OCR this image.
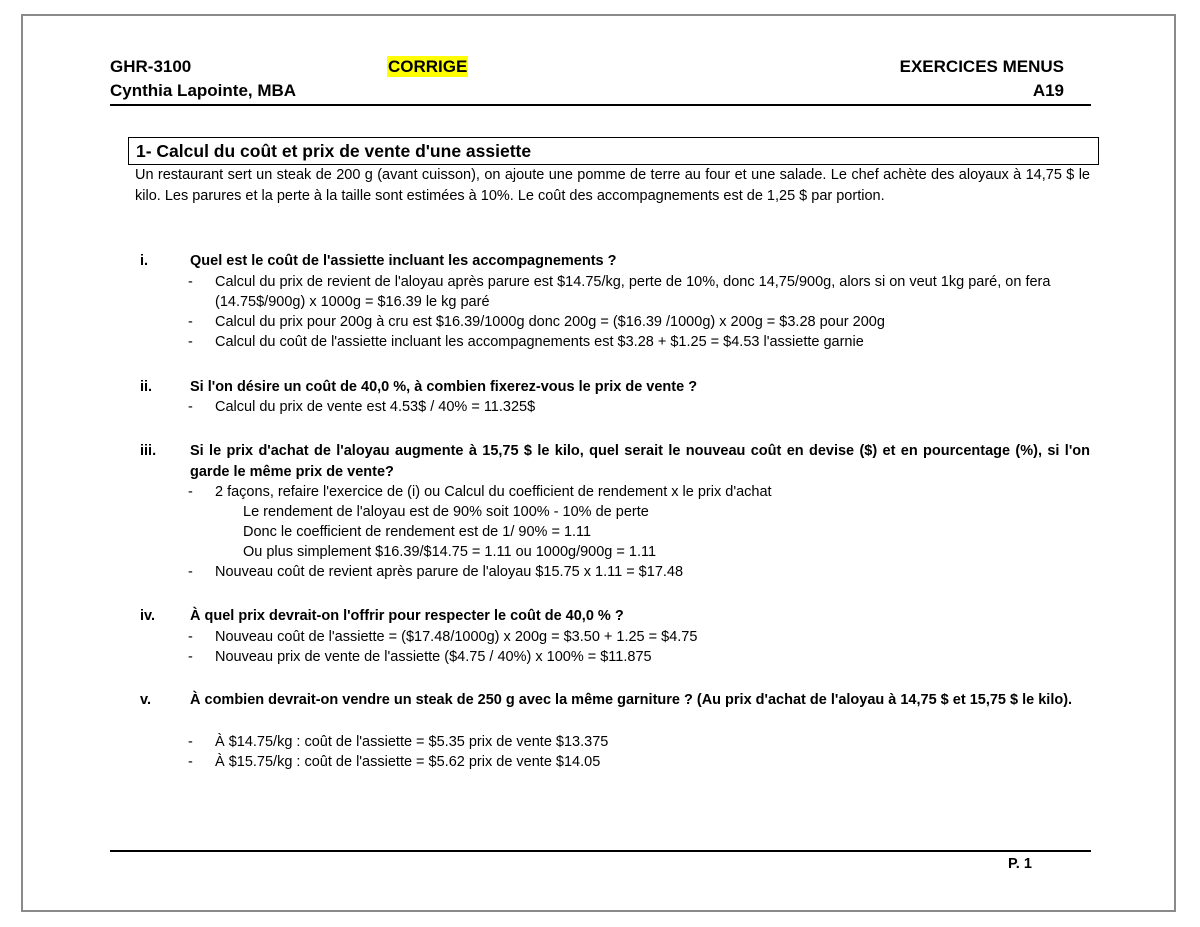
GHR-3100
Cynthia Lapointe, MBA
CORRIGE	EXERCICES MENUS
A19
1- Calcul du coût et prix de vente d'une assiette
Un restaurant sert un steak de 200 g (avant cuisson), on ajoute une pomme de terre au four et une salade. Le chef achète des aloyaux à 14,75 $ le kilo. Les parures et la perte à la taille sont estimées à 10%. Le coût des accompagnements est de 1,25 $ par portion.
i.	Quel est le coût de l'assiette incluant les accompagnements ?
- Calcul du prix de revient de l'aloyau après parure est $14.75/kg, perte de 10%, donc 14,75/900g, alors si on veut 1kg paré, on fera (14.75$/900g) x 1000g = $16.39 le kg paré
- Calcul du prix pour 200g à cru est $16.39/1000g donc 200g = ($16.39 /1000g) x 200g = $3.28 pour 200g
- Calcul du coût de l'assiette incluant les accompagnements est $3.28 + $1.25 = $4.53 l'assiette garnie
ii.	Si l'on désire un coût de 40,0 %, à combien fixerez-vous le prix de vente ?
- Calcul du prix de vente est 4.53$ / 40% = 11.325$
iii. Si le prix d'achat de l'aloyau augmente à 15,75 $ le kilo, quel serait le nouveau coût en devise ($) et en pourcentage (%), si l'on garde le même prix de vente?
- 2 façons, refaire l'exercice de (i) ou Calcul du coefficient de rendement x le prix d'achat
Le rendement de l'aloyau est de 90% soit 100% - 10% de perte
Donc le coefficient de rendement est de 1/ 90% = 1.11
Ou plus simplement $16.39/$14.75 = 1.11 ou 1000g/900g = 1.11
- Nouveau coût de revient après parure de l'aloyau $15.75 x 1.11 = $17.48
iv. À quel prix devrait-on l'offrir pour respecter le coût de 40,0 % ?
- Nouveau coût de l'assiette = ($17.48/1000g) x 200g = $3.50 + 1.25 = $4.75
- Nouveau prix de vente de l'assiette ($4.75 / 40%) x 100% = $11.875
v.	À combien devrait-on vendre un steak de 250 g avec la même garniture ? (Au prix d'achat de l'aloyau à 14,75 $ et 15,75 $ le kilo).
- À $14.75/kg : coût de l'assiette = $5.35 prix de vente $13.375
- À $15.75/kg : coût de l'assiette = $5.62 prix de vente $14.05
P. 1
